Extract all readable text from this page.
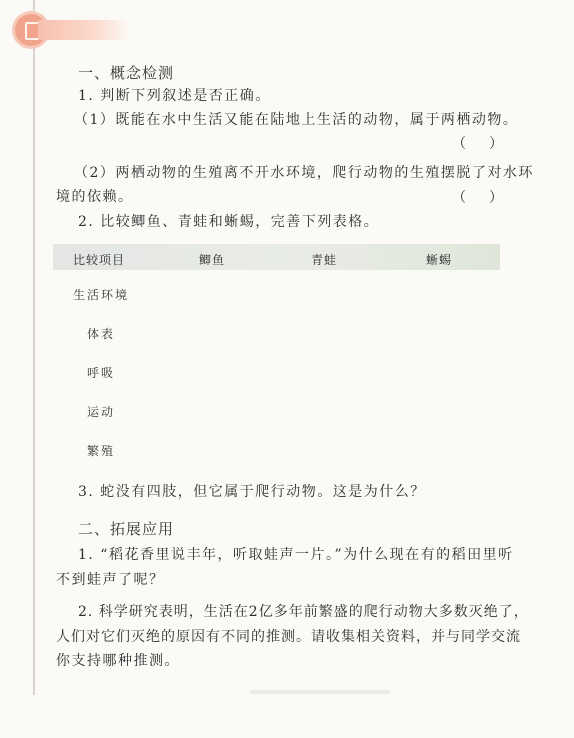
一、概念检测

1. 判断下列叙述是否正确。

（1）既能在水中生活又能在陆地上生活的动物，属于两栖动物。

（ ）

（2）两栖动物的生殖离不开水环境，爬行动物的生殖摆脱了对水环

境的依赖。	（ ）

2. 比较鲫鱼、青蛙和蜥蜴，完善下列表格。

比较项目	鲫鱼	青蛙	蜥蜴
生活环境
体表
呼吸
运动
繁殖

3. 蛇没有四肢，但它属于爬行动物。这是为什么？

二、拓展应用

1. “稻花香里说丰年，听取蛙声一片。”为什么现在有的稻田里听

不到蛙声了呢？

2. 科学研究表明，生活在2亿多年前繁盛的爬行动物大多数灭绝了，

人们对它们灭绝的原因有不同的推测。请收集相关资料，并与同学交流

你支持哪种推测。
